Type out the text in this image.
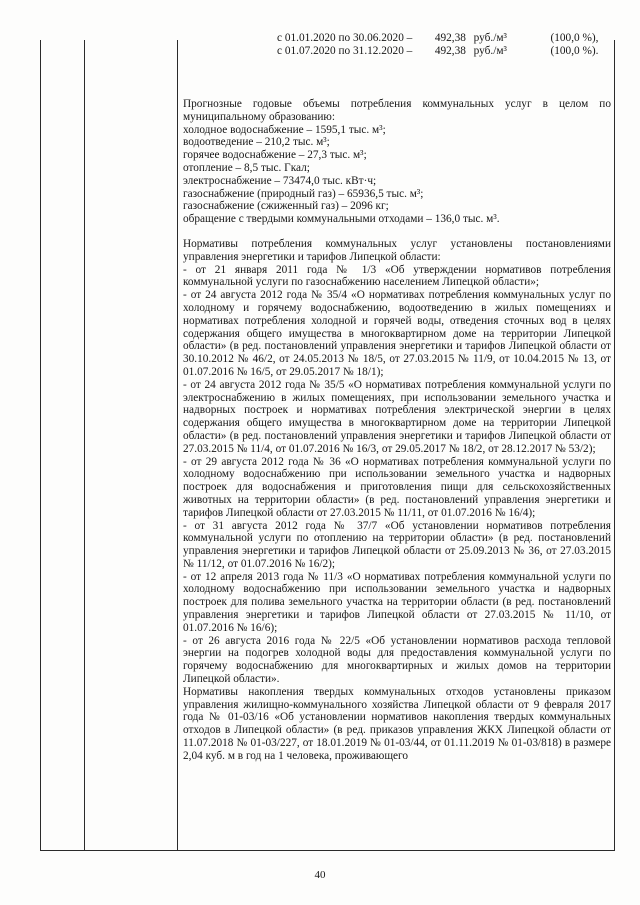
с 01.01.2020 по 30.06.2020 – 492,38 руб./м³	(100,0 %),
с 01.07.2020 по 31.12.2020 – 492,38 руб./м³	(100,0 %).

Прогнозные годовые объемы потребления коммунальных услуг в целом по муниципальному образованию:

холодное водоснабжение – 1595,1 тыс. м³;

водоотведение – 210,2 тыс. м³;

горячее водоснабжение – 27,3 тыс. м³;

отопление – 8,5 тыс. Гкал;

электроснабжение – 73474,0 тыс. кВт·ч;

газоснабжение (природный газ) – 65936,5 тыс. м³;

газоснабжение (сжиженный газ) – 2096 кг;

обращение с твердыми коммунальными отходами – 136,0 тыс. м³.

Нормативы потребления коммунальных услуг установлены постановлениями управления энергетики и тарифов Липецкой области:

- от 21 января 2011 года № 1/3 «Об утверждении нормативов потребления коммунальной услуги по газоснабжению населением Липецкой области»;

- от 24 августа 2012 года № 35/4 «О нормативах потребления коммунальных услуг по холодному и горячему водоснабжению, водоотведению в жилых помещениях и нормативах потребления холодной и горячей воды, отведения сточных вод в целях содержания общего имущества в многоквартирном доме на территории Липецкой области» (в ред. постановлений управления энергетики и тарифов Липецкой области от 30.10.2012 № 46/2, от 24.05.2013 № 18/5, от 27.03.2015 № 11/9, от 10.04.2015 № 13, от 01.07.2016 № 16/5, от 29.05.2017 № 18/1);

- от 24 августа 2012 года № 35/5 «О нормативах потребления коммунальной услуги по электроснабжению в жилых помещениях, при использовании земельного участка и надворных построек и нормативах потребления электрической энергии в целях содержания общего имущества в многоквартирном доме на территории Липецкой области» (в ред. постановлений управления энергетики и тарифов Липецкой области от 27.03.2015 № 11/4, от 01.07.2016 № 16/3, от 29.05.2017 № 18/2, от 28.12.2017 № 53/2);

- от 29 августа 2012 года № 36 «О нормативах потребления коммунальной услуги по холодному водоснабжению при использовании земельного участка и надворных построек для водоснабжения и приготовления пищи для сельскохозяйственных животных на территории области» (в ред. постановлений управления энергетики и тарифов Липецкой области от 27.03.2015 № 11/11, от 01.07.2016 № 16/4);

- от 31 августа 2012 года № 37/7 «Об установлении нормативов потребления коммунальной услуги по отоплению на территории области» (в ред. постановлений управления энергетики и тарифов Липецкой области от 25.09.2013 № 36, от 27.03.2015 № 11/12, от 01.07.2016 № 16/2);

- от 12 апреля 2013 года № 11/3 «О нормативах потребления коммунальной услуги по холодному водоснабжению при использовании земельного участка и надворных построек для полива земельного участка на территории области (в ред. постановлений управления энергетики и тарифов Липецкой области от 27.03.2015 № 11/10, от 01.07.2016 № 16/6);

- от 26 августа 2016 года № 22/5 «Об установлении нормативов расхода тепловой энергии на подогрев холодной воды для предоставления коммунальной услуги по горячему водоснабжению для многоквартирных и жилых домов на территории Липецкой области».

Нормативы накопления твердых коммунальных отходов установлены приказом управления жилищно-коммунального хозяйства Липецкой области от 9 февраля 2017 года № 01-03/16 «Об установлении нормативов накопления твердых коммунальных отходов в Липецкой области» (в ред. приказов управления ЖКХ Липецкой области от 11.07.2018 № 01-03/227, от 18.01.2019 № 01-03/44, от 01.11.2019 № 01-03/818) в размере 2,04 куб. м в год на 1 человека, проживающего

40
